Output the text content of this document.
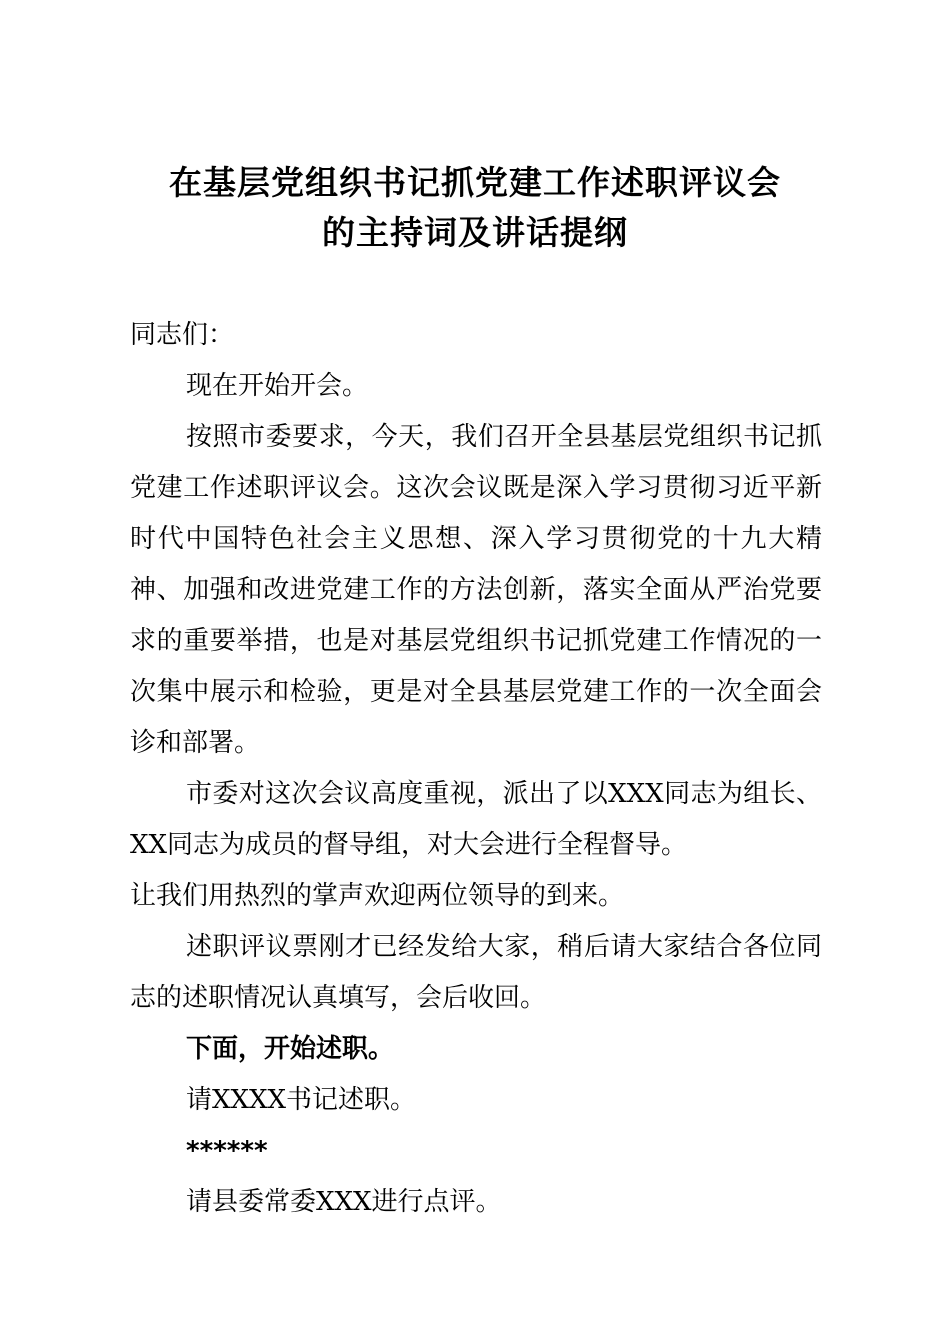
在基层党组织书记抓党建工作述职评议会
的主持词及讲话提纲

同志们：

现在开始开会。

按照市委要求，今天，我们召开全县基层党组织书记抓党建工作述职评议会。这次会议既是深入学习贯彻习近平新时代中国特色社会主义思想、深入学习贯彻党的十九大精神、加强和改进党建工作的方法创新，落实全面从严治党要求的重要举措，也是对基层党组织书记抓党建工作情况的一次集中展示和检验，更是对全县基层党建工作的一次全面会诊和部署。

市委对这次会议高度重视，派出了以XXX同志为组长、XX同志为成员的督导组，对大会进行全程督导。

让我们用热烈的掌声欢迎两位领导的到来。

述职评议票刚才已经发给大家，稍后请大家结合各位同志的述职情况认真填写，会后收回。

下面，开始述职。

请XXXX书记述职。

******

请县委常委XXX进行点评。
